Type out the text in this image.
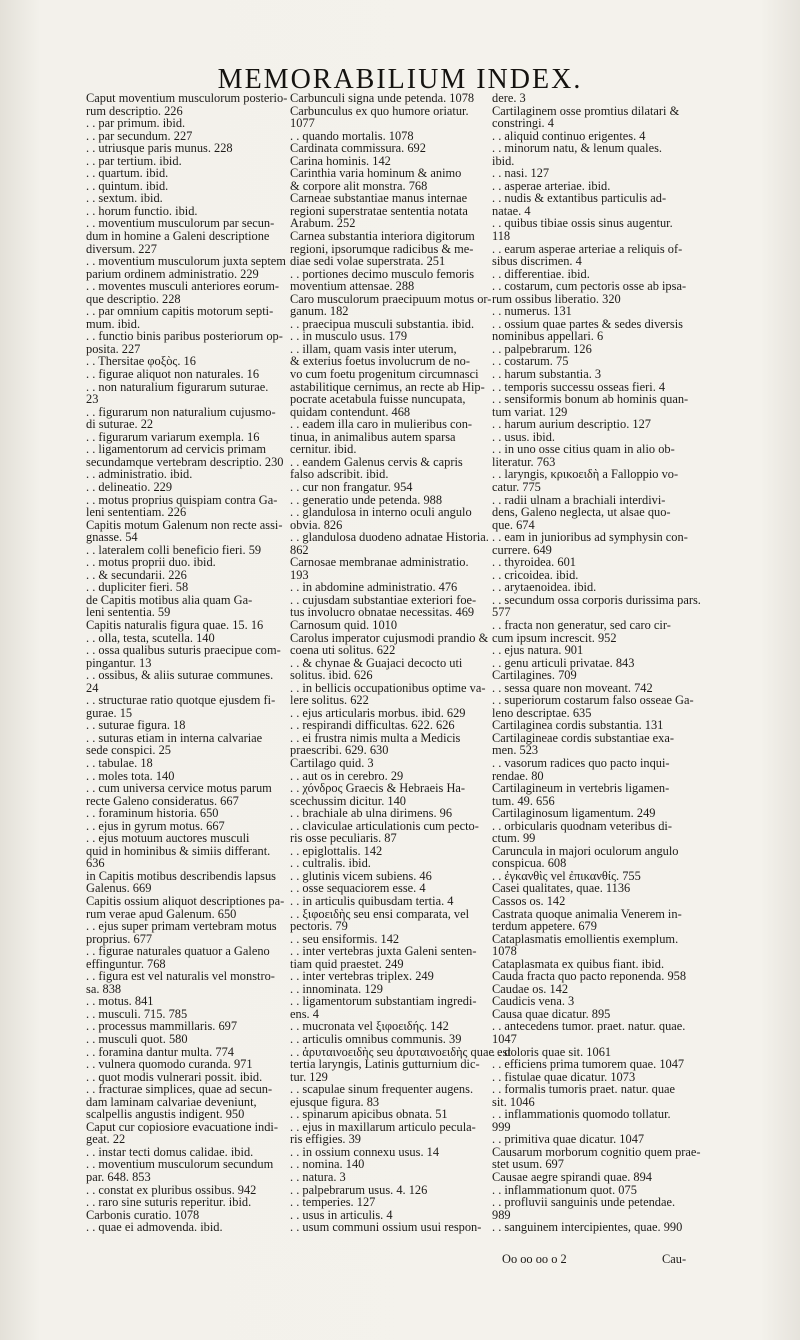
MEMORABILIUM INDEX.
Caput moventium musculorum posterio-
rum descriptio. 226
. . par primum. ibid.
. . par secundum. 227
. . utriusque paris munus. 228
. . par tertium. ibid.
. . quartum. ibid.
. . quintum. ibid.
. . sextum. ibid.
. . horum functio. ibid.
. . moventium musculorum par secun-
dum in homine a Galeni descriptione
diversum. 227
. . moventium musculorum juxta septem
parium ordinem administratio. 229
. . moventes musculi anteriores eorum-
que descriptio. 228
. . par omnium capitis motorum septi-
mum. ibid.
. . functio binis paribus posteriorum op-
posita. 227
. . Thersitae φοξὸς. 16
. . figurae aliquot non naturales. 16
. . non naturalium figurarum suturae.
23
. . figurarum non naturalium cujusmo-
di suturae. 22
. . figurarum variarum exempla. 16
. . ligamentorum ad cervicis primam
secundamque vertebram descriptio. 230
. . administratio. ibid.
. . delineatio. 229
. . motus proprius quispiam contra Ga-
leni sententiam. 226
Capitis motum Galenum non recte assi-
gnasse. 54
. . lateralem colli beneficio fieri. 59
. . motus proprii duo. ibid.
. . & secundarii. 226
. . dupliciter fieri. 58
de Capitis motibus alia quam Ga-
leni sententia. 59
Capitis naturalis figura quae. 15. 16
. . olla, testa, scutella. 140
. . ossa qualibus suturis praecipue com-
pingantur. 13
. . ossibus, & aliis suturae communes.
24
. . structurae ratio quotque ejusdem fi-
gurae. 15
. . suturae figura. 18
. . suturas etiam in interna calvariae
sede conspici. 25
. . tabulae. 18
. . moles tota. 140
. . cum universa cervice motus parum
recte Galeno consideratus. 667
. . foraminum historia. 650
. . ejus in gyrum motus. 667
. . ejus motuum auctores musculi
quid in hominibus & simiis differant.
636
in Capitis motibus describendis lapsus
Galenus. 669
Capitis ossium aliquot descriptiones pa-
rum verae apud Galenum. 650
. . ejus super primam vertebram motus
proprius. 677
. . figurae naturales quatuor a Galeno
effinguntur. 768
. . figura est vel naturalis vel monstro-
sa. 838
. . motus. 841
. . musculi. 715. 785
. . processus mammillaris. 697
. . musculi quot. 580
. . foramina dantur multa. 774
. . vulnera quomodo curanda. 971
. . quot modis vulnerari possit. ibid.
. . fracturae simplices, quae ad secun-
dam laminam calvariae deveniunt,
scalpellis angustis indigent. 950
Caput cur copiosiore evacuatione indi-
geat. 22
. . instar tecti domus calidae. ibid.
. . moventium musculorum secundum
par. 648. 853
. . constat ex pluribus ossibus. 942
. . raro sine suturis reperitur. ibid.
Carbonis curatio. 1078
. . quae ei admovenda. ibid.
Carbunculi signa unde petenda. 1078
Carbunculus ex quo humore oriatur.
1077
. . quando mortalis. 1078
Cardinata commissura. 692
Carina hominis. 142
Carinthia varia hominum & animo
& corpore alit monstra. 768
Carneae substantiae manus internae
regioni superstratae sententia notata
Arabum. 252
Carnea substantia interiora digitorum
regioni, ipsorumque radicibus & me-
diae sedi volae superstrata. 251
. . portiones decimo musculo femoris
moventium attensae. 288
Caro musculorum praecipuum motus or-
ganum. 182
. . praecipua musculi substantia. ibid.
. . in musculo usus. 179
. . illam, quam vasis inter uterum,
& exterius foetus involucrum de no-
vo cum foetu progenitum circumnasci
astabilitique cernimus, an recte ab Hip-
pocrate acetabula fuisse nuncupata,
quidam contendunt. 468
. . eadem illa caro in mulieribus con-
tinua, in animalibus autem sparsa
cernitur. ibid.
. . eandem Galenus cervis & capris
falso adscribit. ibid.
. . cur non frangatur. 954
. . generatio unde petenda. 988
. . glandulosa in interno oculi angulo
obvia. 826
. . glandulosa duodeno adnatae Historia.
862
Carnosae membranae administratio.
193
. . in abdomine administratio. 476
. . cujusdam substantiae exteriori foe-
tus involucro obnatae necessitas. 469
Carnosum quid. 1010
Carolus imperator cujusmodi prandio &
coena uti solitus. 622
. . & chynae & Guajaci decocto uti
solitus. ibid. 626
. . in bellicis occupationibus optime va-
lere solitus. 622
. . ejus articularis morbus. ibid. 629
. . respirandi difficultas. 622. 626
. . ei frustra nimis multa a Medicis
praescribi. 629. 630
Cartilago quid. 3
. . aut os in cerebro. 29
. . χόνδρος Graecis & Hebraeis Ha-
scechussim dicitur. 140
. . brachiale ab ulna dirimens. 96
. . claviculae articulationis cum pecto-
ris osse peculiaris. 87
. . epiglottalis. 142
. . cultralis. ibid.
. . glutinis vicem subiens. 46
. . osse sequaciorem esse. 4
. . in articulis quibusdam tertia. 4
. . ξιφοειδὴς seu ensi comparata, vel
pectoris. 79
. . seu ensiformis. 142
. . inter vertebras juxta Galeni senten-
tiam quid praestet. 249
. . inter vertebras triplex. 249
. . innominata. 129
. . ligamentorum substantiam ingredi-
ens. 4
. . mucronata vel ξιφοειδής. 142
. . articulis omnibus communis. 39
. . ἀρυταινοειδὴς seu ἀρυταινοειδὴς quae est
tertia laryngis, Latinis gutturnium dic-
tur. 129
. . scapulae sinum frequenter augens.
ejusque figura. 83
. . spinarum apicibus obnata. 51
. . ejus in maxillarum articulo pecula-
ris effigies. 39
. . in ossium connexu usus. 14
. . nomina. 140
. . natura. 3
. . palpebrarum usus. 4. 126
. . temperies. 127
. . usus in articulis. 4
. . usum communi ossium usui respon-
dere. 3
Cartilaginem osse promtius dilatari &
constringi. 4
. . aliquid continuo erigentes. 4
. . minorum natu, & lenum quales.
ibid.
. . nasi. 127
. . asperae arteriae. ibid.
. . nudis & extantibus particulis ad-
natae. 4
. . quibus tibiae ossis sinus augentur.
118
. . earum asperae arteriae a reliquis of-
sibus discrimen. 4
. . differentiae. ibid.
. . costarum, cum pectoris osse ab ipsa-
rum ossibus liberatio. 320
. . numerus. 131
. . ossium quae partes & sedes diversis
nominibus appellari. 6
. . palpebrarum. 126
. . costarum. 75
. . harum substantia. 3
. . temporis successu osseas fieri. 4
. . sensiformis bonum ab hominis quan-
tum variat. 129
. . harum aurium descriptio. 127
. . usus. ibid.
. . in uno osse citius quam in alio ob-
literatur. 763
. . laryngis, κρικοειδὴ a Falloppio vo-
catur. 775
. . radii ulnam a brachiali interdivi-
dens, Galeno neglecta, ut alsae quo-
que. 674
. . eam in junioribus ad symphysin con-
currere. 649
. . thyroidea. 601
. . cricoidea. ibid.
. . arytaenoidea. ibid.
. . secundum ossa corporis durissima pars.
577
. . fracta non generatur, sed caro cir-
cum ipsum increscit. 952
. . ejus natura. 901
. . genu articuli privatae. 843
Cartilagines. 709
. . sessa quare non moveant. 742
. . superiorum costarum falso osseae Ga-
leno descriptae. 635
Cartilaginea cordis substantia. 131
Cartilagineae cordis substantiae exa-
men. 523
. . vasorum radices quo pacto inqui-
rendae. 80
Cartilagineum in vertebris ligamen-
tum. 49. 656
Cartilaginosum ligamentum. 249
. . orbicularis quodnam veteribus di-
ctum. 99
Caruncula in majori oculorum angulo
conspicua. 608
. . ἐγκανθὶς vel ἐπικανθίς. 755
Casei qualitates, quae. 1136
Cassos os. 142
Castrata quoque animalia Venerem in-
terdum appetere. 679
Cataplasmatis emollientis exemplum.
1078
Cataplasmata ex quibus fiant. ibid.
Cauda fracta quo pacto reponenda. 958
Caudae os. 142
Caudicis vena. 3
Causa quae dicatur. 895
. . antecedens tumor. praet. natur. quae.
1047
. . doloris quae sit. 1061
. . efficiens prima tumorem quae. 1047
. . fistulae quae dicatur. 1073
. . formalis tumoris praet. natur. quae
sit. 1046
. . inflammationis quomodo tollatur.
999
. . primitiva quae dicatur. 1047
Causarum morborum cognitio quem prae-
stet usum. 697
Causae aegre spirandi quae. 894
. . inflammationum quot. 075
. . profluvii sanguinis unde petendae.
989
. . sanguinem intercipientes, quae. 990
Oo oo oo o 2	Cau-
